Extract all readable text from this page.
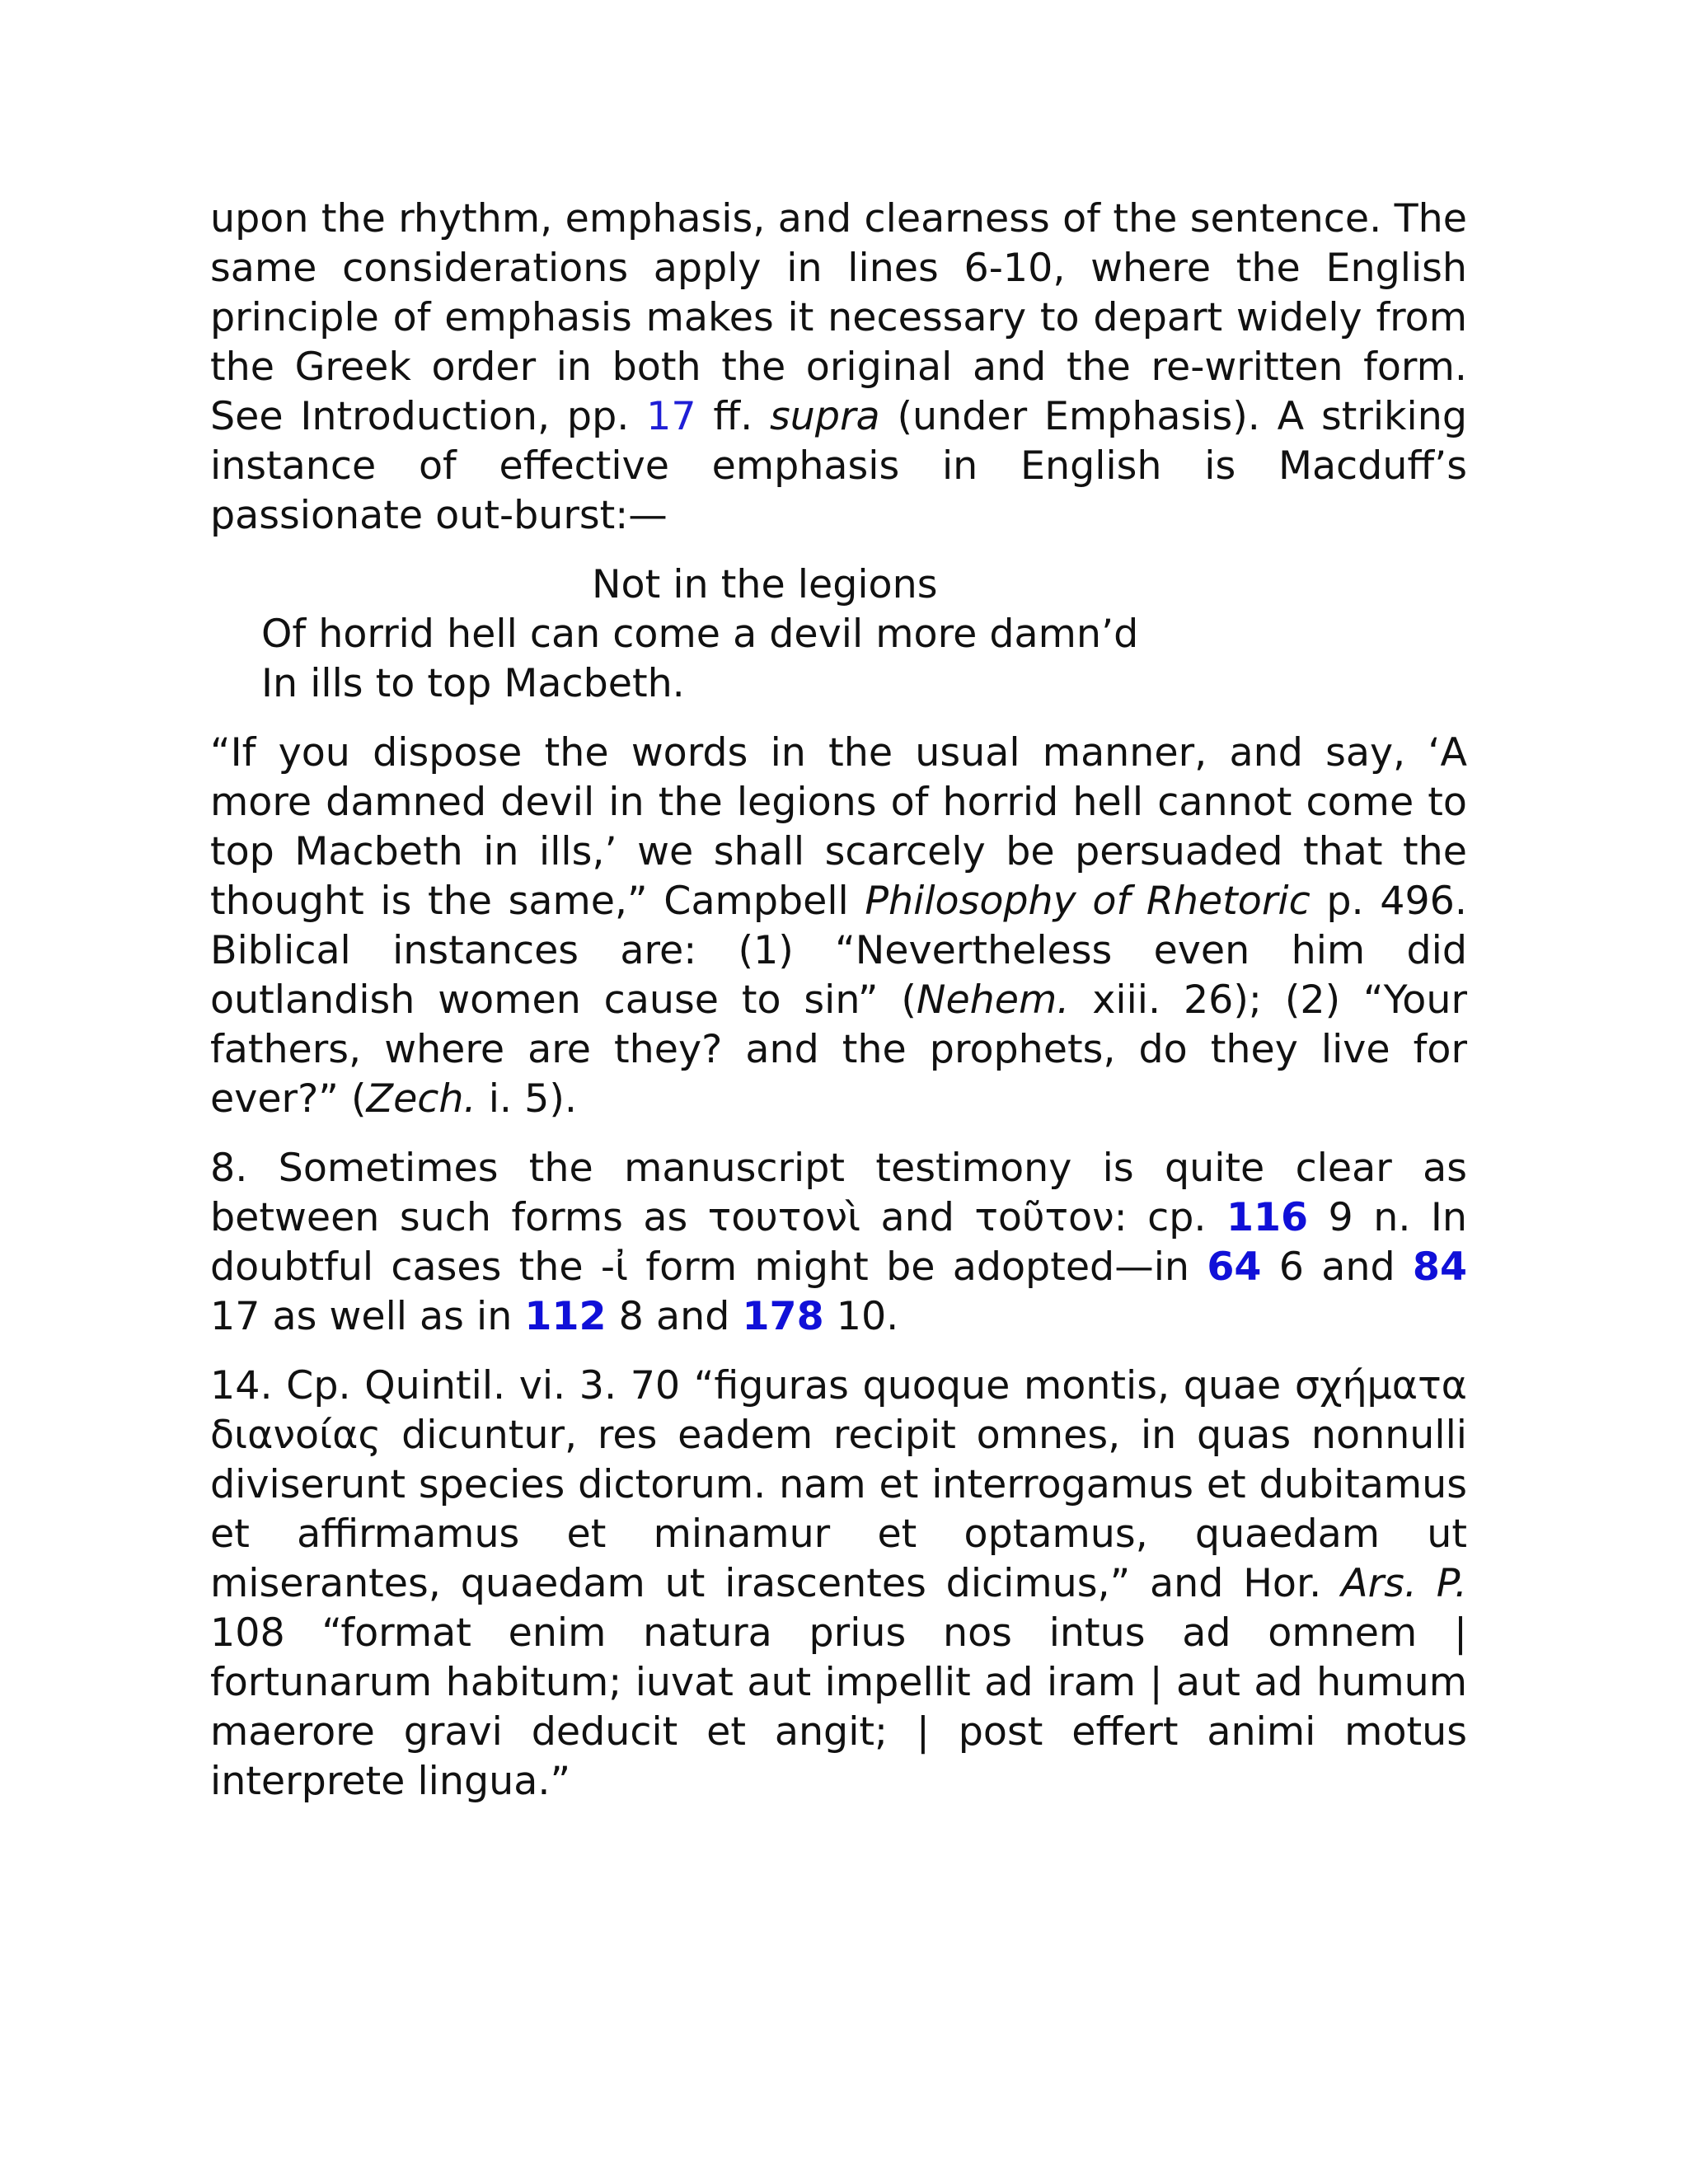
upon the rhythm, emphasis, and clearness of the sentence. The same considerations apply in lines 6-10, where the English principle of emphasis makes it necessary to depart widely from the Greek order in both the original and the re-written form. See Introduction, pp. 17 ff. supra (under Emphasis). A striking instance of effective emphasis in English is Macduff’s passionate out-burst:—

Not in the legions
Of horrid hell can come a devil more damn’d
In ills to top Macbeth.

“If you dispose the words in the usual manner, and say, ‘A more damned devil in the legions of horrid hell cannot come to top Macbeth in ills,’ we shall scarcely be persuaded that the thought is the same,” Campbell Philosophy of Rhetoric p. 496. Biblical instances are: (1) “Nevertheless even him did outlandish women cause to sin” (Nehem. xiii. 26); (2) “Your fathers, where are they? and the prophets, do they live for ever?” (Zech. i. 5).

8. Sometimes the manuscript testimony is quite clear as between such forms as τουτονὶ and τοῦτον: cp. 116 9 n. In doubtful cases the -ἰ form might be adopted—in 64 6 and 84 17 as well as in 112 8 and 178 10.

14. Cp. Quintil. vi. 3. 70 “figuras quoque montis, quae σχήματα διανοίας dicuntur, res eadem recipit omnes, in quas nonnulli diviserunt species dictorum. nam et interrogamus et dubitamus et affirmamus et minamur et optamus, quaedam ut miserantes, quaedam ut irascentes dicimus,” and Hor. Ars. P. 108 “format enim natura prius nos intus ad omnem | fortunarum habitum; iuvat aut impellit ad iram | aut ad humum maerore gravi deducit et angit; | post effert animi motus interprete lingua.”
